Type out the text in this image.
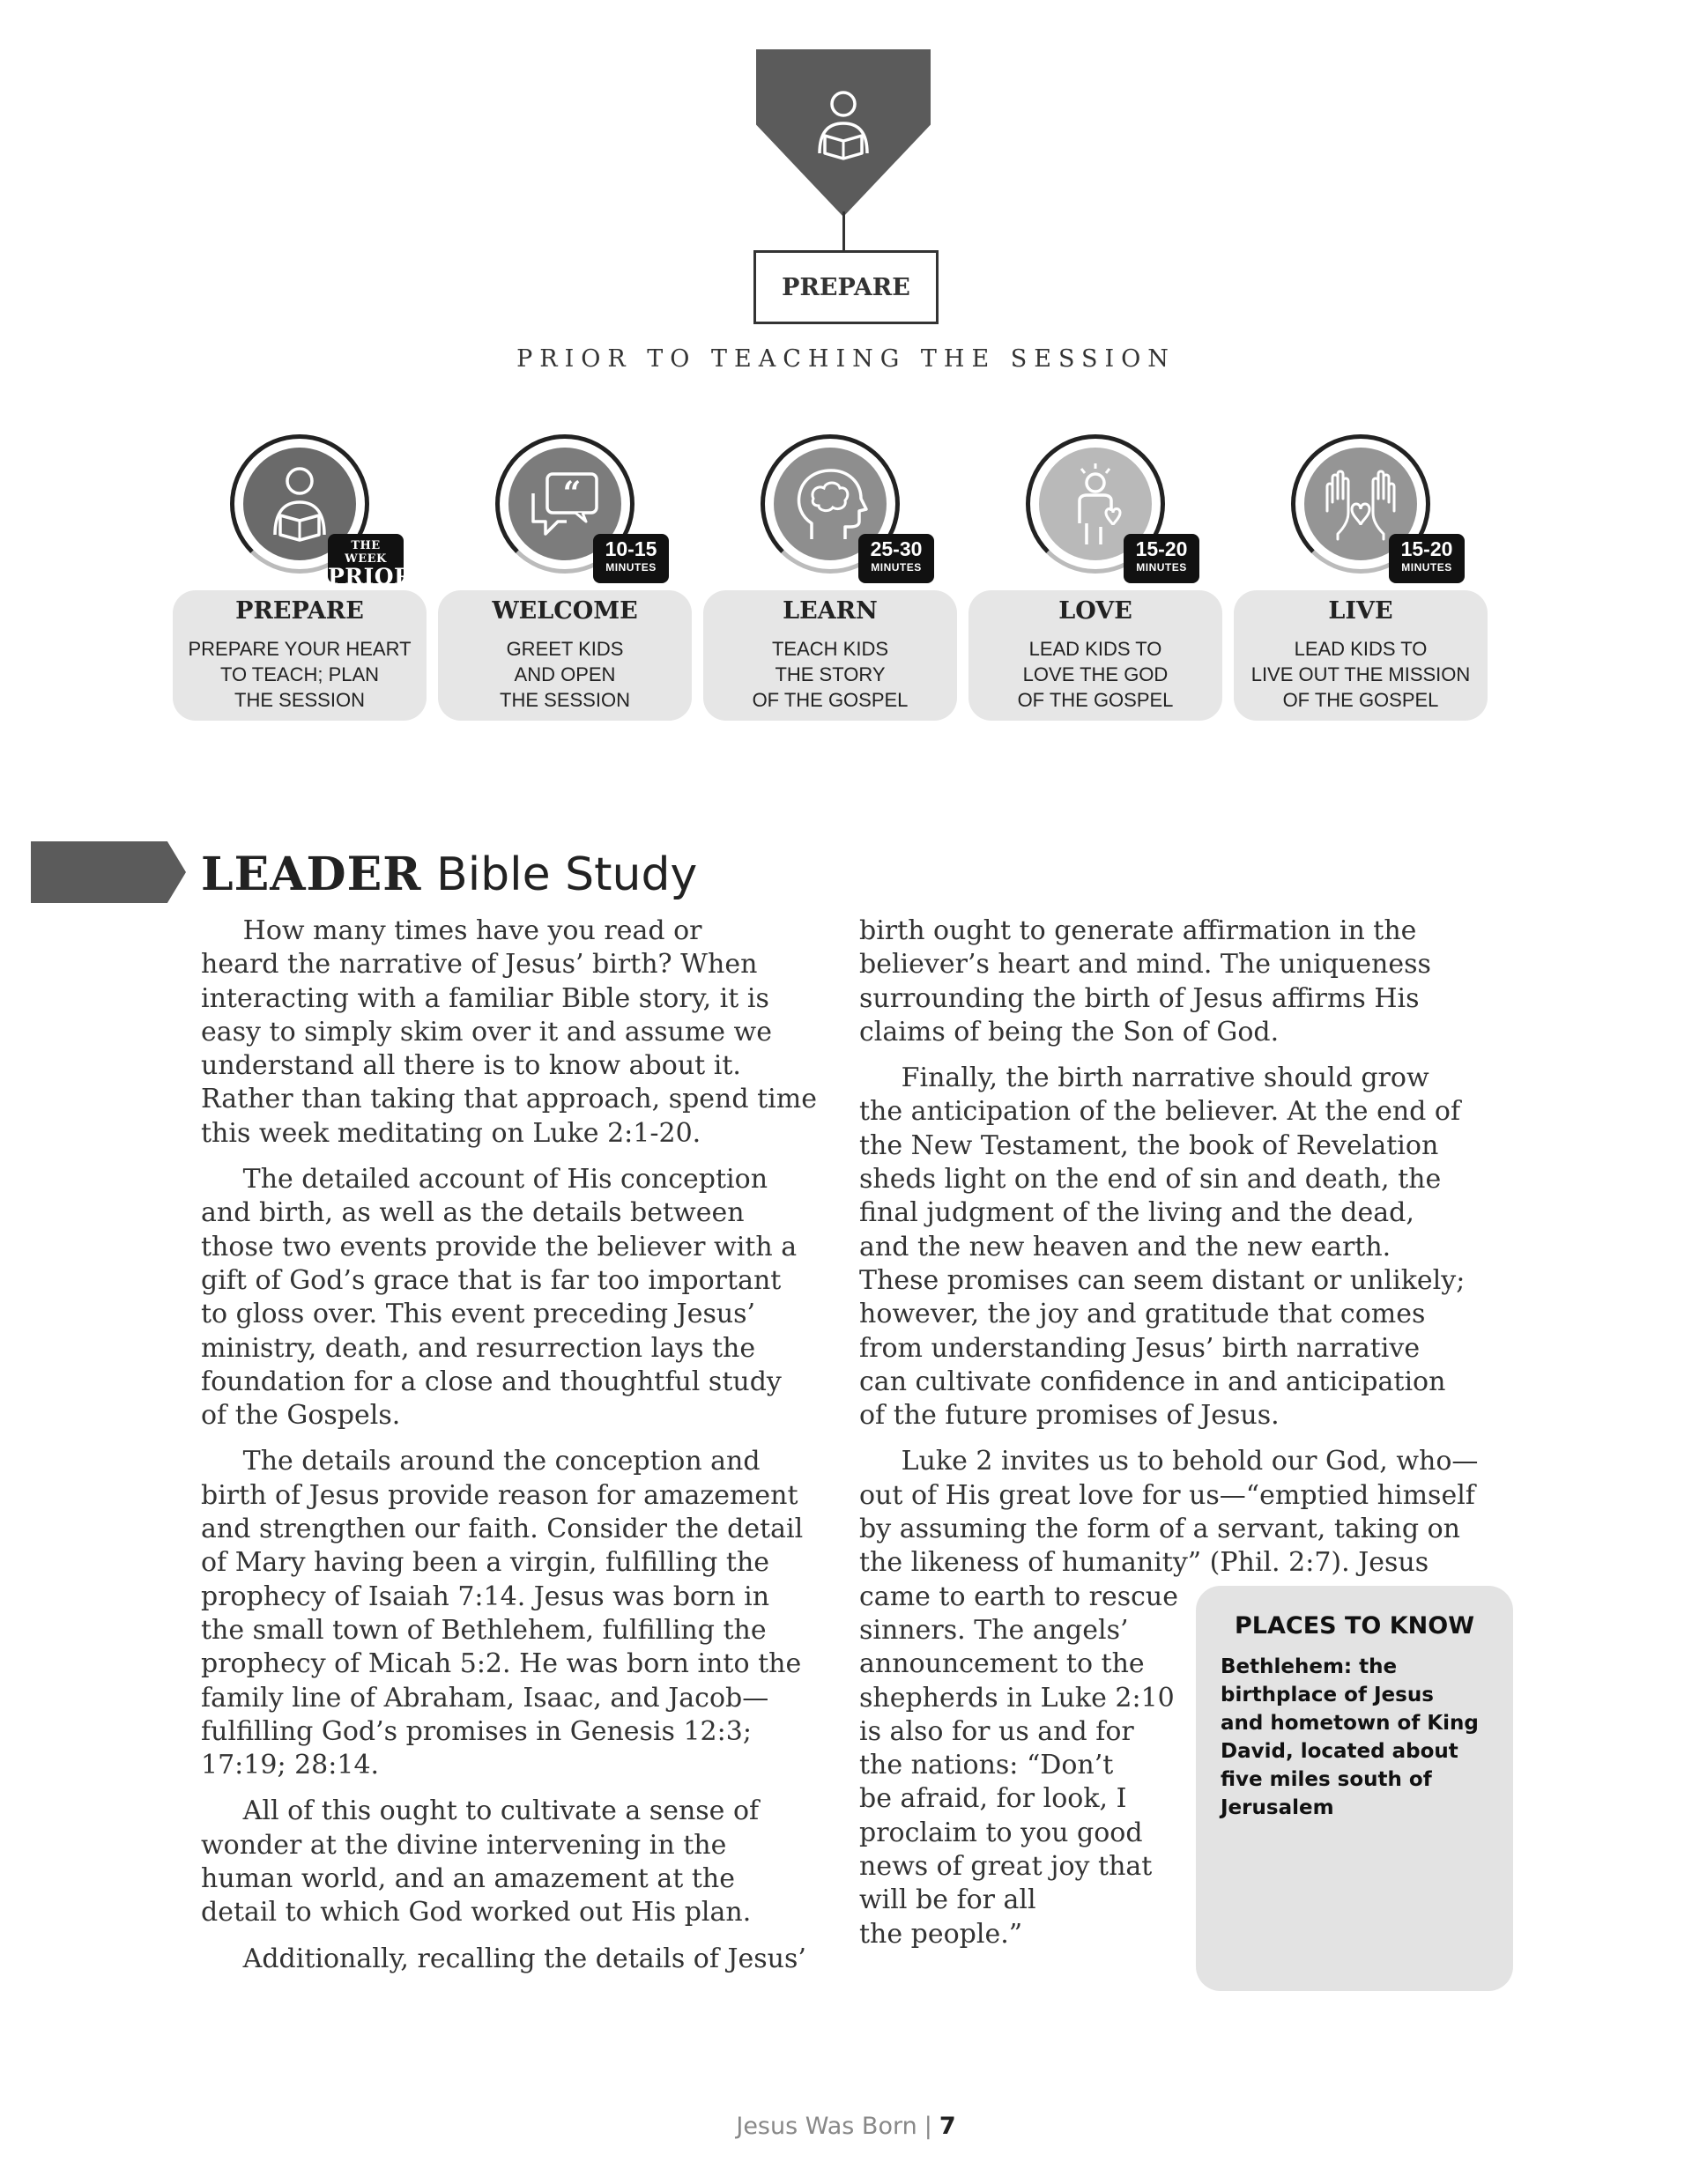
PREPARE
PRIOR TO TEACHING THE SESSION
THE WEEK
PRIOR
PREPARE
PREPARE YOUR HEART
TO TEACH; PLAN
THE SESSION
“
10-15
MINUTES
WELCOME
GREET KIDS
AND OPEN
THE SESSION
25-30
MINUTES
LEARN
TEACH KIDS
THE STORY
OF THE GOSPEL
15-20
MINUTES
LOVE
LEAD KIDS TO
LOVE THE GOD
OF THE GOSPEL
15-20
MINUTES
LIVE
LEAD KIDS TO
LIVE OUT THE MISSION
OF THE GOSPEL
LEADER Bible Study

How many times have you read or
heard the narrative of Jesus’ birth? When
interacting with a familiar Bible story, it is
easy to simply skim over it and assume we
understand all there is to know about it.
Rather than taking that approach, spend time
this week meditating on Luke 2:1-20.

The detailed account of His conception
and birth, as well as the details between
those two events provide the believer with a
gift of God’s grace that is far too important
to gloss over. This event preceding Jesus’
ministry, death, and resurrection lays the
foundation for a close and thoughtful study
of the Gospels.

The details around the conception and
birth of Jesus provide reason for amazement
and strengthen our faith. Consider the detail
of Mary having been a virgin, fulfilling the
prophecy of Isaiah 7:14. Jesus was born in
the small town of Bethlehem, fulfilling the
prophecy of Micah 5:2. He was born into the
family line of Abraham, Isaac, and Jacob—
fulfilling God’s promises in Genesis 12:3;
17:19; 28:14.

All of this ought to cultivate a sense of
wonder at the divine intervening in the
human world, and an amazement at the
detail to which God worked out His plan.

Additionally, recalling the details of Jesus’

birth ought to generate affirmation in the
believer’s heart and mind. The uniqueness
surrounding the birth of Jesus affirms His
claims of being the Son of God.

Finally, the birth narrative should grow
the anticipation of the believer. At the end of
the New Testament, the book of Revelation
sheds light on the end of sin and death, the
final judgment of the living and the dead,
and the new heaven and the new earth.
These promises can seem distant or unlikely;
however, the joy and gratitude that comes
from understanding Jesus’ birth narrative
can cultivate confidence in and anticipation
of the future promises of Jesus.

Luke 2 invites us to behold our God, who—
out of His great love for us—“emptied himself
by assuming the form of a servant, taking on
the likeness of humanity” (Phil. 2:7). Jesus
came to earth to rescue
sinners. The angels’
announcement to the
shepherds in Luke 2:10
is also for us and for
the nations: “Don’t
be afraid, for look, I
proclaim to you good
news of great joy that
will be for all
the people.”

PLACES TO KNOW
Bethlehem: the
birthplace of Jesus
and hometown of King
David, located about
five miles south of
Jerusalem
Jesus Was Born | 7
